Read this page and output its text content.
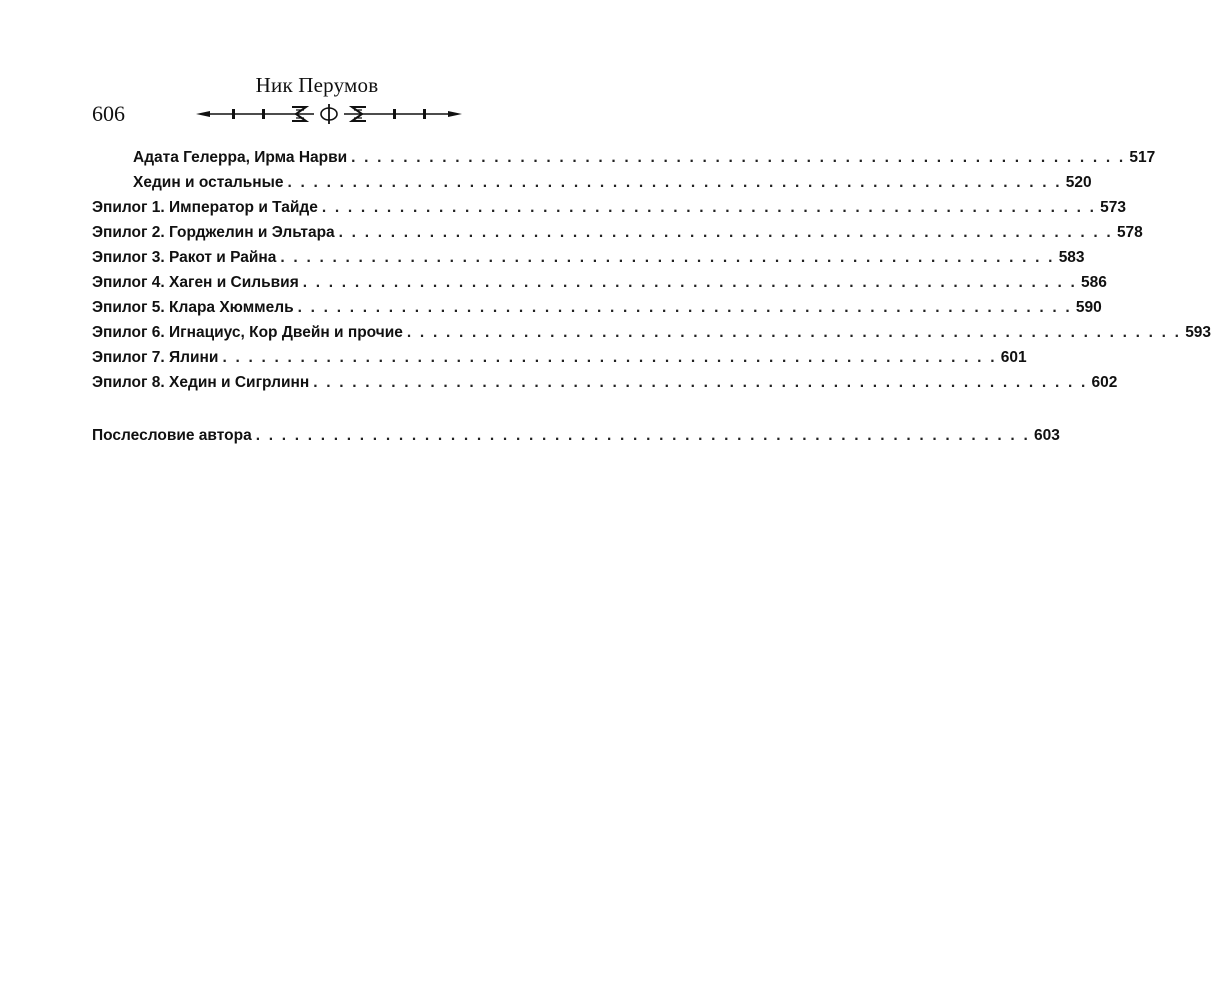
Ник Перумов
606
Адата Гелерра, Ирма Нарви . . . . . . . . . . . . . . . . . . . . . . . . . . . . . . . . . . . . . . . . . . . . . . . . . . . . . . . . . . . . 517
Хедин и остальные . . . . . . . . . . . . . . . . . . . . . . . . . . . . . . . . . . . . . . . . . . . . . . . . . . . . . . . . . . . . 520
Эпилог 1. Император и Тайде . . . . . . . . . . . . . . . . . . . . . . . . . . . . . . . . . . . . . . . . . . . . . . . . . . . . . . . . . . . . 573
Эпилог 2. Горджелин и Эльтара . . . . . . . . . . . . . . . . . . . . . . . . . . . . . . . . . . . . . . . . . . . . . . . . . . . . . . . . . . . . 578
Эпилог 3. Ракот и Райна . . . . . . . . . . . . . . . . . . . . . . . . . . . . . . . . . . . . . . . . . . . . . . . . . . . . . . . . . . . . 583
Эпилог 4. Хаген и Сильвия . . . . . . . . . . . . . . . . . . . . . . . . . . . . . . . . . . . . . . . . . . . . . . . . . . . . . . . . . . . . 586
Эпилог 5. Клара Хюммель . . . . . . . . . . . . . . . . . . . . . . . . . . . . . . . . . . . . . . . . . . . . . . . . . . . . . . . . . . . . 590
Эпилог 6. Игнациус, Кор Двейн и прочие . . . . . . . . . . . . . . . . . . . . . . . . . . . . . . . . . . . . . . . . . . . . . . . . . . . . . . . . . . . . 593
Эпилог 7. Ялини . . . . . . . . . . . . . . . . . . . . . . . . . . . . . . . . . . . . . . . . . . . . . . . . . . . . . . . . . . . . 601
Эпилог 8. Хедин и Сигрлинн . . . . . . . . . . . . . . . . . . . . . . . . . . . . . . . . . . . . . . . . . . . . . . . . . . . . . . . . . . . . 602
Послесловие автора . . . . . . . . . . . . . . . . . . . . . . . . . . . . . . . . . . . . . . . . . . . . . . . . . . . . . . . . . . . . 603
